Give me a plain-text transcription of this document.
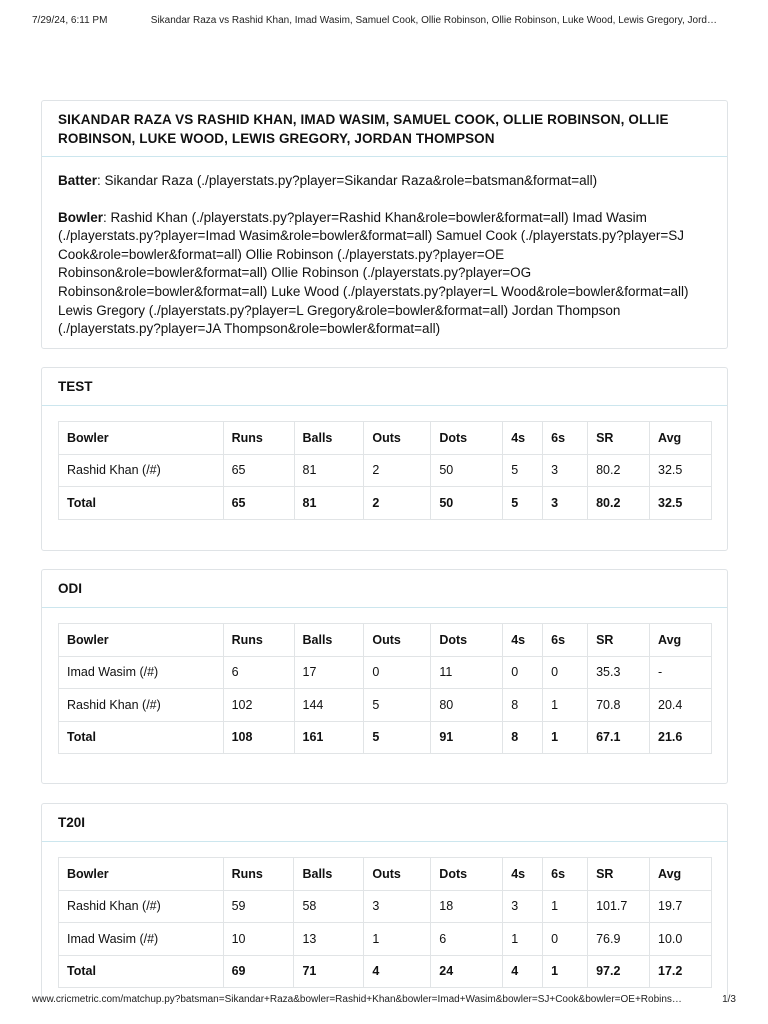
7/29/24, 6:11 PM	Sikandar Raza vs Rashid Khan, Imad Wasim, Samuel Cook, Ollie Robinson, Ollie Robinson, Luke Wood, Lewis Gregory, Jord…
SIKANDAR RAZA VS RASHID KHAN, IMAD WASIM, SAMUEL COOK, OLLIE ROBINSON, OLLIE ROBINSON, LUKE WOOD, LEWIS GREGORY, JORDAN THOMPSON
Batter: Sikandar Raza (./playerstats.py?player=Sikandar Raza&role=batsman&format=all)
Bowler: Rashid Khan (./playerstats.py?player=Rashid Khan&role=bowler&format=all) Imad Wasim (./playerstats.py?player=Imad Wasim&role=bowler&format=all) Samuel Cook (./playerstats.py?player=SJ Cook&role=bowler&format=all) Ollie Robinson (./playerstats.py?player=OE Robinson&role=bowler&format=all) Ollie Robinson (./playerstats.py?player=OG Robinson&role=bowler&format=all) Luke Wood (./playerstats.py?player=L Wood&role=bowler&format=all) Lewis Gregory (./playerstats.py?player=L Gregory&role=bowler&format=all) Jordan Thompson (./playerstats.py?player=JA Thompson&role=bowler&format=all)
TEST
Bowler	Runs	Balls	Outs	Dots	4s	6s	SR	Avg
Rashid Khan (/#)	65	81	2	50	5	3	80.2	32.5
Total	65	81	2	50	5	3	80.2	32.5
ODI
Bowler	Runs	Balls	Outs	Dots	4s	6s	SR	Avg
Imad Wasim (/#)	6	17	0	11	0	0	35.3	-
Rashid Khan (/#)	102	144	5	80	8	1	70.8	20.4
Total	108	161	5	91	8	1	67.1	21.6
T20I
Bowler	Runs	Balls	Outs	Dots	4s	6s	SR	Avg
Rashid Khan (/#)	59	58	3	18	3	1	101.7	19.7
Imad Wasim (/#)	10	13	1	6	1	0	76.9	10.0
Total	69	71	4	24	4	1	97.2	17.2
www.cricmetric.com/matchup.py?batsman=Sikandar+Raza&bowler=Rashid+Khan&bowler=Imad+Wasim&bowler=SJ+Cook&bowler=OE+Robins…	1/3
